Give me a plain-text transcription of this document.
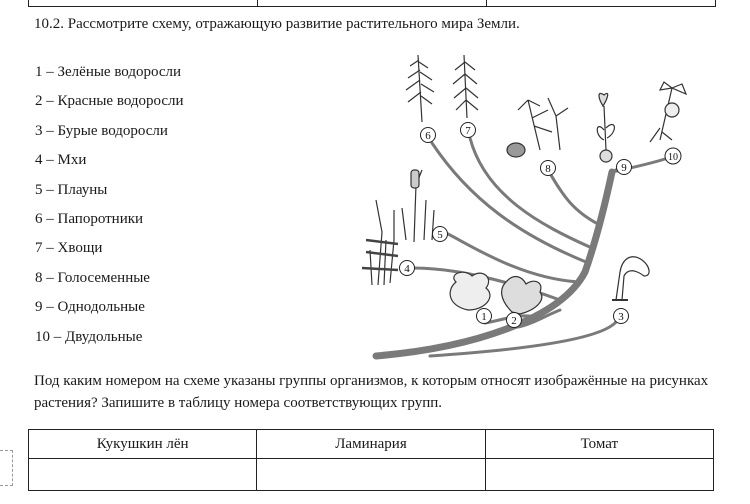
10.2. Рассмотрите схему, отражающую развитие растительного мира Земли.
1 – Зелёные водоросли
2 – Красные водоросли
3 – Бурые водоросли
4 – Мхи
5 – Плауны
6 – Папоротники
7 – Хвощи
8 – Голосеменные
9 – Однодольные
10 – Двудольные
1 2	3
4
5
6	7
8	9
10
Под каким номером на схеме указаны группы организмов, к которым относят изображённые на рисунках растения? Запишите в таблицу номера соответствующих групп.
Кукушкин лён	Ламинария	Томат
